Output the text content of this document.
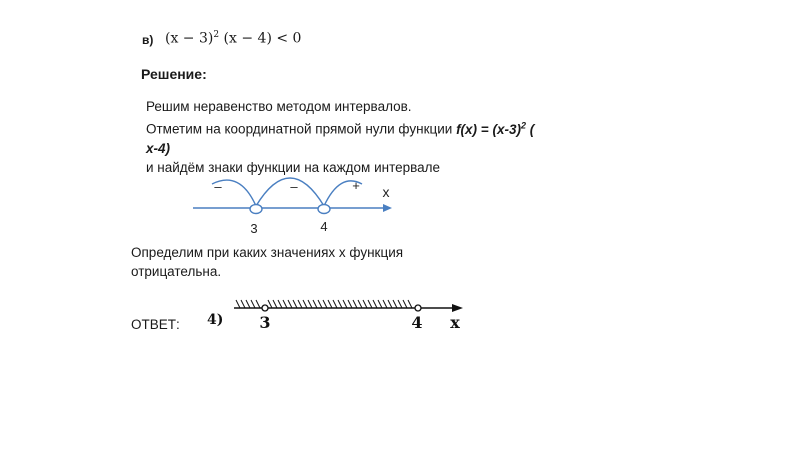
в) $(x - 3)^2$ (x − 4) < 0
Решение:
Решим неравенство методом интервалов.
Отметим на координатной прямой нули функции $f(x) = (x-3)^2$ (
x-4)
и найдём знаки функции на каждом интервале
–	–	+ х
3	4
Определим при каких значениях х функция
отрицательна.
ОТВЕТ: 4) 3	4 x
